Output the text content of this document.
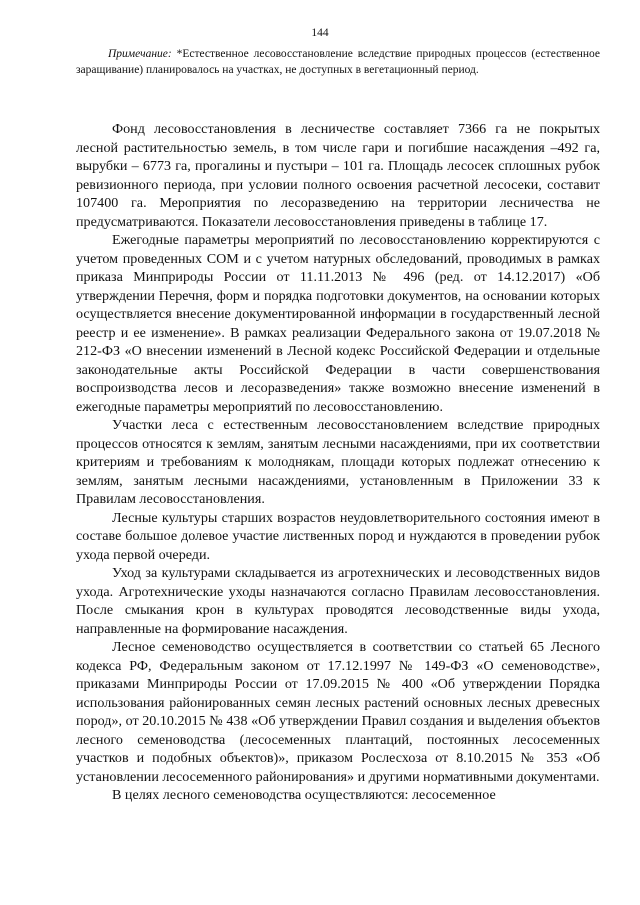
144
Примечание: *Естественное лесовосстановление вследствие природных процессов (естественное заращивание) планировалось на участках, не доступных в вегетационный период.

Фонд лесовосстановления в лесничестве составляет 7366 га не покрытых лесной растительностью земель, в том числе гари и погибшие насаждения –492 га, вырубки – 6773 га, прогалины и пустыри – 101 га. Площадь лесосек сплошных рубок ревизионного периода, при условии полного освоения расчетной лесосеки, составит 107400 га. Мероприятия по лесоразведению на территории лесничества не предусматриваются. Показатели лесовосстановления приведены в таблице 17.

Ежегодные параметры мероприятий по лесовосстановлению корректируются с учетом проведенных СОМ и с учетом натурных обследований, проводимых в рамках приказа Минприроды России от 11.11.2013 № 496 (ред. от 14.12.2017) «Об утверждении Перечня, форм и порядка подготовки документов, на основании которых осуществляется внесение документированной информации в государственный лесной реестр и ее изменение». В рамках реализации Федерального закона от 19.07.2018 № 212-ФЗ «О внесении изменений в Лесной кодекс Российской Федерации и отдельные законодательные акты Российской Федерации в части совершенствования воспроизводства лесов и лесоразведения» также возможно внесение изменений в ежегодные параметры мероприятий по лесовосстановлению.

Участки леса с естественным лесовосстановлением вследствие природных процессов относятся к землям, занятым лесными насаждениями, при их соответствии критериям и требованиям к молоднякам, площади которых подлежат отнесению к землям, занятым лесными насаждениями, установленным в Приложении 33 к Правилам лесовосстановления.

Лесные культуры старших возрастов неудовлетворительного состояния имеют в составе большое долевое участие лиственных пород и нуждаются в проведении рубок ухода первой очереди.

Уход за культурами складывается из агротехнических и лесоводственных видов ухода. Агротехнические уходы назначаются согласно Правилам лесовосстановления. После смыкания крон в культурах проводятся лесоводственные виды ухода, направленные на формирование насаждения.

Лесное семеноводство осуществляется в соответствии со статьей 65 Лесного кодекса РФ, Федеральным законом от 17.12.1997 № 149-ФЗ «О семеноводстве», приказами Минприроды России от 17.09.2015 № 400 «Об утверждении Порядка использования районированных семян лесных растений основных лесных древесных пород», от 20.10.2015 № 438 «Об утверждении Правил создания и выделения объектов лесного семеноводства (лесосеменных плантаций, постоянных лесосеменных участков и подобных объектов)», приказом Рослесхоза от 8.10.2015 № 353 «Об установлении лесосеменного районирования» и другими нормативными документами.

В целях лесного семеноводства осуществляются: лесосеменное
